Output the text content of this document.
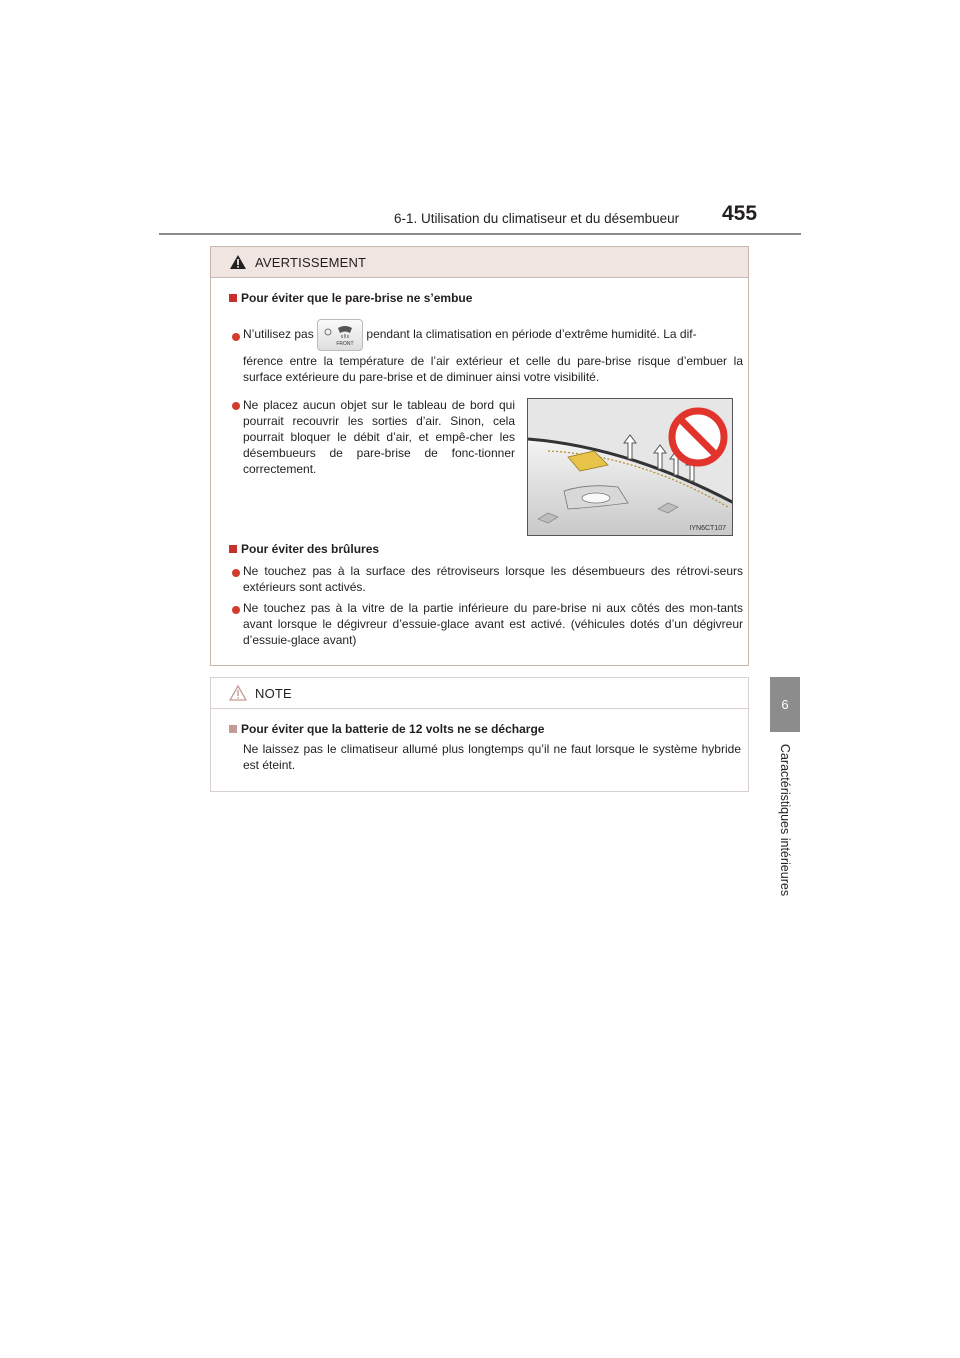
6-1. Utilisation du climatiseur et du désembueur 455
6
Caractéristiques intérieures
AVERTISSEMENT
Pour éviter que le pare-brise ne s’embue
N’utilisez pas
FRONT
pendant la climatisation en période d’extrême humidité. La dif-
férence entre la température de l’air extérieur et celle du pare-brise risque d’embuer la surface extérieure du pare-brise et de diminuer ainsi votre visibilité.
Ne placez aucun objet sur le tableau de bord qui pourrait recouvrir les sorties d’air. Sinon, cela pourrait bloquer le débit d’air, et empê-cher les désembueurs de pare-brise de fonc-tionner correctement.
IYN6CT107
Pour éviter des brûlures
Ne touchez pas à la surface des rétroviseurs lorsque les désembueurs des rétrovi-seurs extérieurs sont activés.
Ne touchez pas à la vitre de la partie inférieure du pare-brise ni aux côtés des mon-tants avant lorsque le dégivreur d’essuie-glace avant est activé. (véhicules dotés d’un dégivreur d’essuie-glace avant)
NOTE
Pour éviter que la batterie de 12 volts ne se décharge
Ne laissez pas le climatiseur allumé plus longtemps qu’il ne faut lorsque le système hybride est éteint.
